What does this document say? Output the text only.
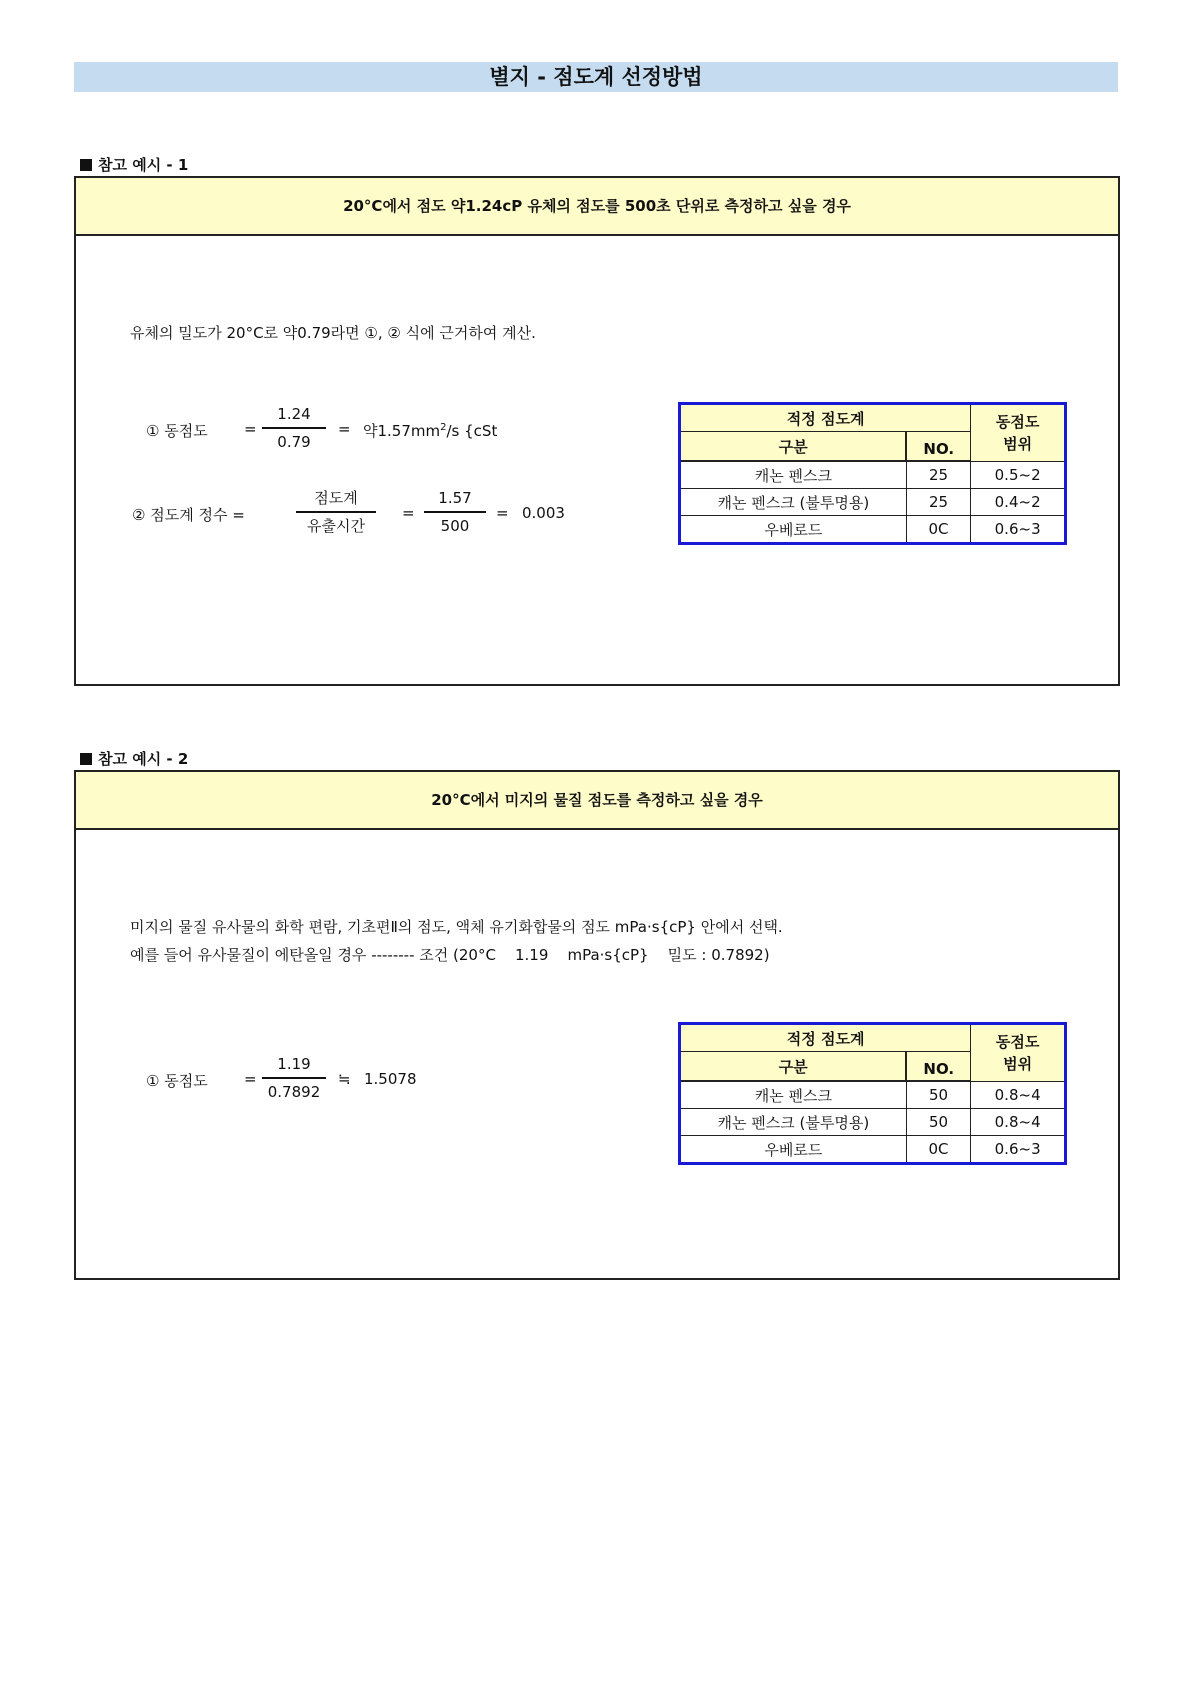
별지 - 점도계 선정방법
참고 예시 - 1
20°C에서 점도 약1.24cP 유체의 점도를 500초 단위로 측정하고 싶을 경우
유체의 밀도가 20°C로 약0.79라면 ①, ② 식에 근거하여 계산.
① 동점도 =
1.24
0.79
= 약$1.57mm^2/s$ {cSt
② 점도계 정수 =
점도계
유출시간
=
1.57
500
= 0.003
적정 점도계		동점도
범위
구분	NO.	
캐논 펜스크	25	0.5~2
캐논 펜스크 (불투명용)	25	0.4~2
우베로드	0C	0.6~3
참고 예시 - 2
20°C에서 미지의 물질 점도를 측정하고 싶을 경우
미지의 물질 유사물의 화학 편람, 기초편Ⅱ의 점도, 액체 유기화합물의 점도 mPa·s{cP} 안에서 선택.
예를 들어 유사물질이 에탄올일 경우 -------- 조건 (20°C    1.19    mPa·s{cP}    밀도 : 0.7892)
① 동점도 =
1.19
0.7892
≒ 1.5078
적정 점도계		동점도
범위
구분	NO.	
캐논 펜스크	50	0.8~4
캐논 펜스크 (불투명용)	50	0.8~4
우베로드	0C	0.6~3
